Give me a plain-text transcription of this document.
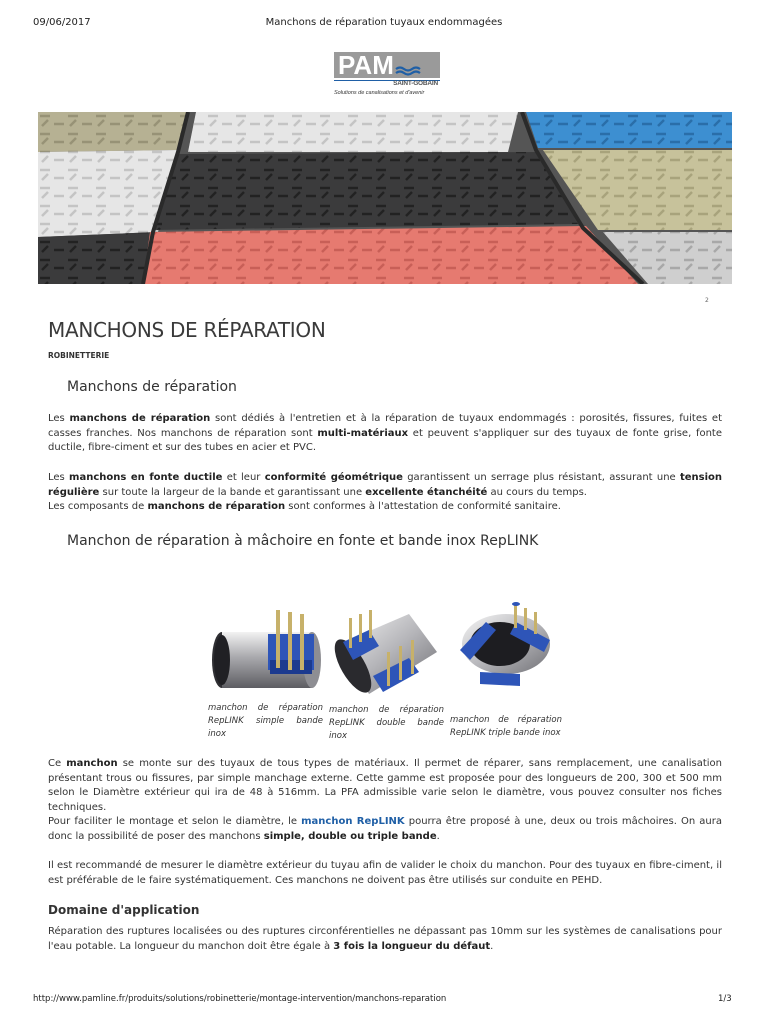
09/06/2017	Manchons de réparation tuyaux endommagées
PAM
SAINT-GOBAIN
Solutions de canalisations et d'avenir
2
MANCHONS DE RÉPARATION
ROBINETTERIE
Manchons de réparation

Les manchons de réparation sont dédiés à l'entretien et à la réparation de tuyaux endommagés : porosités, fissures, fuites et casses franches. Nos manchons de réparation sont multi-matériaux et peuvent s'appliquer sur des tuyaux de fonte grise, fonte ductile, fibre-ciment et sur des tubes en acier et PVC.

Les manchons en fonte ductile et leur conformité géométrique garantissent un serrage plus résistant, assurant une tension régulière sur toute la largeur de la bande et garantissant une excellente étanchéité au cours du temps.
Les composants de manchons de réparation sont conformes à l'attestation de conformité sanitaire.

Manchon de réparation à mâchoire en fonte et bande inox RepLINK
manchon de réparation RepLINK simple bande inox
manchon de réparation RepLINK double bande inox
manchon de réparation RepLINK triple bande inox

Ce manchon se monte sur des tuyaux de tous types de matériaux. Il permet de réparer, sans remplacement, une canalisation présentant trous ou fissures, par simple manchage externe. Cette gamme est proposée pour des longueurs de 200, 300 et 500 mm selon le Diamètre extérieur qui ira de 48 à 516mm. La PFA admissible varie selon le diamètre, vous pouvez consulter nos fiches techniques.

Pour faciliter le montage et selon le diamètre, le manchon RepLINK pourra être proposé à une, deux ou trois mâchoires. On aura donc la possibilité de poser des manchons simple, double ou triple bande.

Il est recommandé de mesurer le diamètre extérieur du tuyau afin de valider le choix du manchon. Pour des tuyaux en fibre-ciment, il est préférable de le faire systématiquement. Ces manchons ne doivent pas être utilisés sur conduite en PEHD.

Domaine d'application

Réparation des ruptures localisées ou des ruptures circonférentielles ne dépassant pas 10mm sur les systèmes de canalisations pour l'eau potable. La longueur du manchon doit être égale à 3 fois la longueur du défaut.

http://www.pamline.fr/produits/solutions/robinetterie/montage-intervention/manchons-reparation	1/3
